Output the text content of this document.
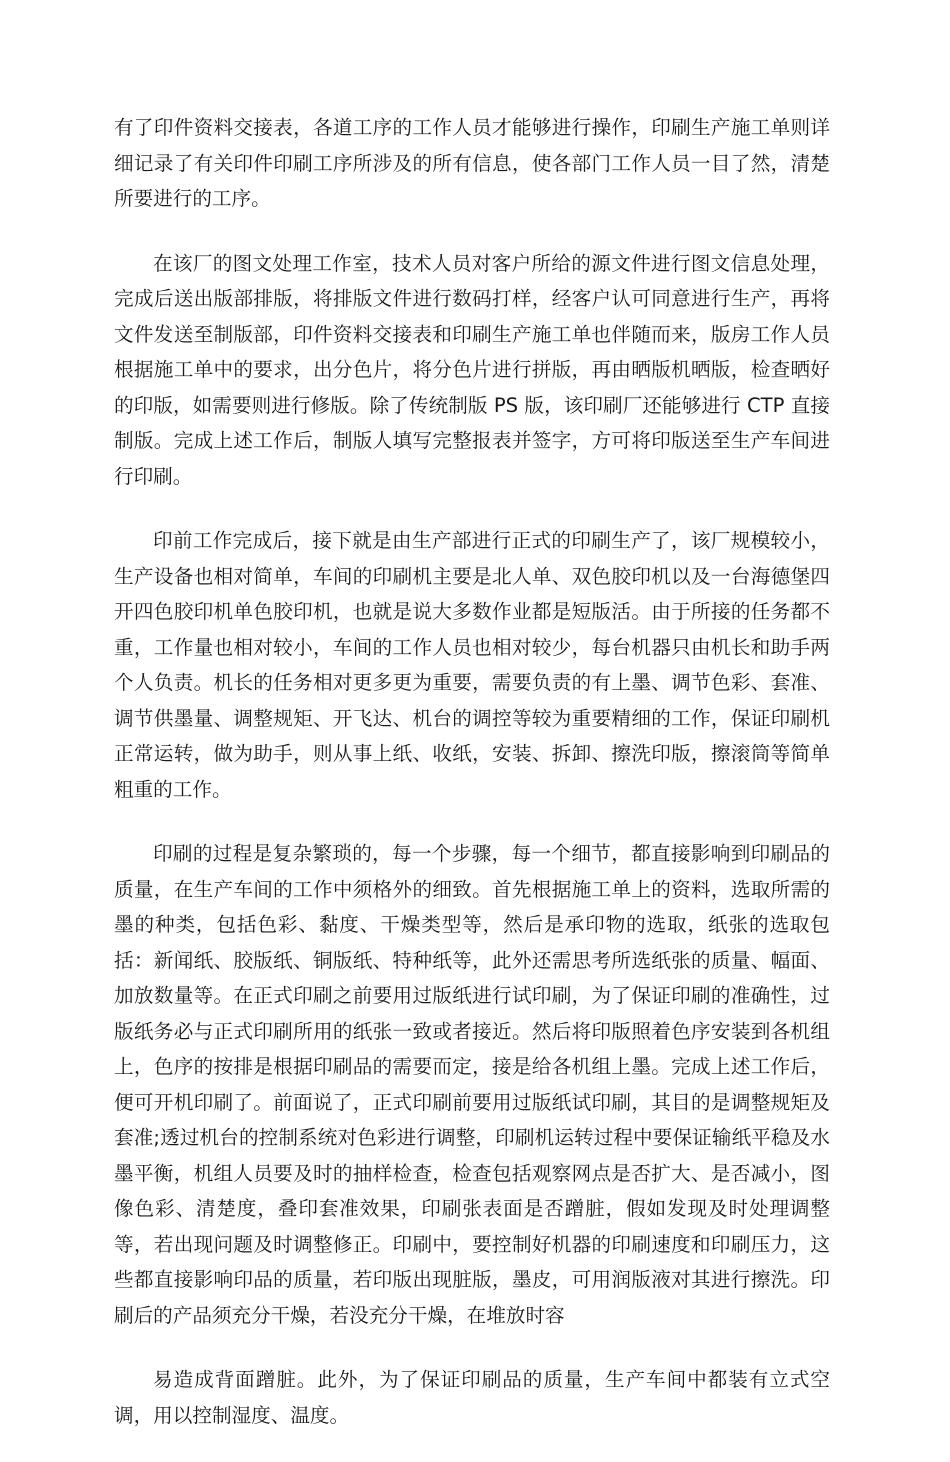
有了印件资料交接表，各道工序的工作人员才能够进行操作，印刷生产施工单则详细记录了有关印件印刷工序所涉及的所有信息，使各部门工作人员一目了然，清楚所要进行的工序。

在该厂的图文处理工作室，技术人员对客户所给的源文件进行图文信息处理，完成后送出版部排版，将排版文件进行数码打样，经客户认可同意进行生产，再将文件发送至制版部，印件资料交接表和印刷生产施工单也伴随而来，版房工作人员根据施工单中的要求，出分色片，将分色片进行拼版，再由晒版机晒版，检查晒好的印版，如需要则进行修版。除了传统制版 PS 版，该印刷厂还能够进行 CTP 直接制版。完成上述工作后，制版人填写完整报表并签字，方可将印版送至生产车间进行印刷。

印前工作完成后，接下就是由生产部进行正式的印刷生产了，该厂规模较小，生产设备也相对简单，车间的印刷机主要是北人单、双色胶印机以及一台海德堡四开四色胶印机单色胶印机，也就是说大多数作业都是短版活。由于所接的任务都不重，工作量也相对较小，车间的工作人员也相对较少，每台机器只由机长和助手两个人负责。机长的任务相对更多更为重要，需要负责的有上墨、调节色彩、套准、调节供墨量、调整规矩、开飞达、机台的调控等较为重要精细的工作，保证印刷机正常运转，做为助手，则从事上纸、收纸，安装、拆卸、擦洗印版，擦滚筒等简单粗重的工作。

印刷的过程是复杂繁琐的，每一个步骤，每一个细节，都直接影响到印刷品的质量，在生产车间的工作中须格外的细致。首先根据施工单上的资料，选取所需的墨的种类，包括色彩、黏度、干燥类型等，然后是承印物的选取，纸张的选取包括：新闻纸、胶版纸、铜版纸、特种纸等，此外还需思考所选纸张的质量、幅面、加放数量等。在正式印刷之前要用过版纸进行试印刷，为了保证印刷的准确性，过版纸务必与正式印刷所用的纸张一致或者接近。然后将印版照着色序安装到各机组上，色序的按排是根据印刷品的需要而定，接是给各机组上墨。完成上述工作后，便可开机印刷了。前面说了，正式印刷前要用过版纸试印刷，其目的是调整规矩及套准;透过机台的控制系统对色彩进行调整，印刷机运转过程中要保证输纸平稳及水墨平衡，机组人员要及时的抽样检查，检查包括观察网点是否扩大、是否减小，图像色彩、清楚度，叠印套准效果，印刷张表面是否蹭脏，假如发现及时处理调整等，若出现问题及时调整修正。印刷中，要控制好机器的印刷速度和印刷压力，这些都直接影响印品的质量，若印版出现脏版，墨皮，可用润版液对其进行擦洗。印刷后的产品须充分干燥，若没充分干燥，在堆放时容

易造成背面蹭脏。此外，为了保证印刷品的质量，生产车间中都装有立式空调，用以控制湿度、温度。
